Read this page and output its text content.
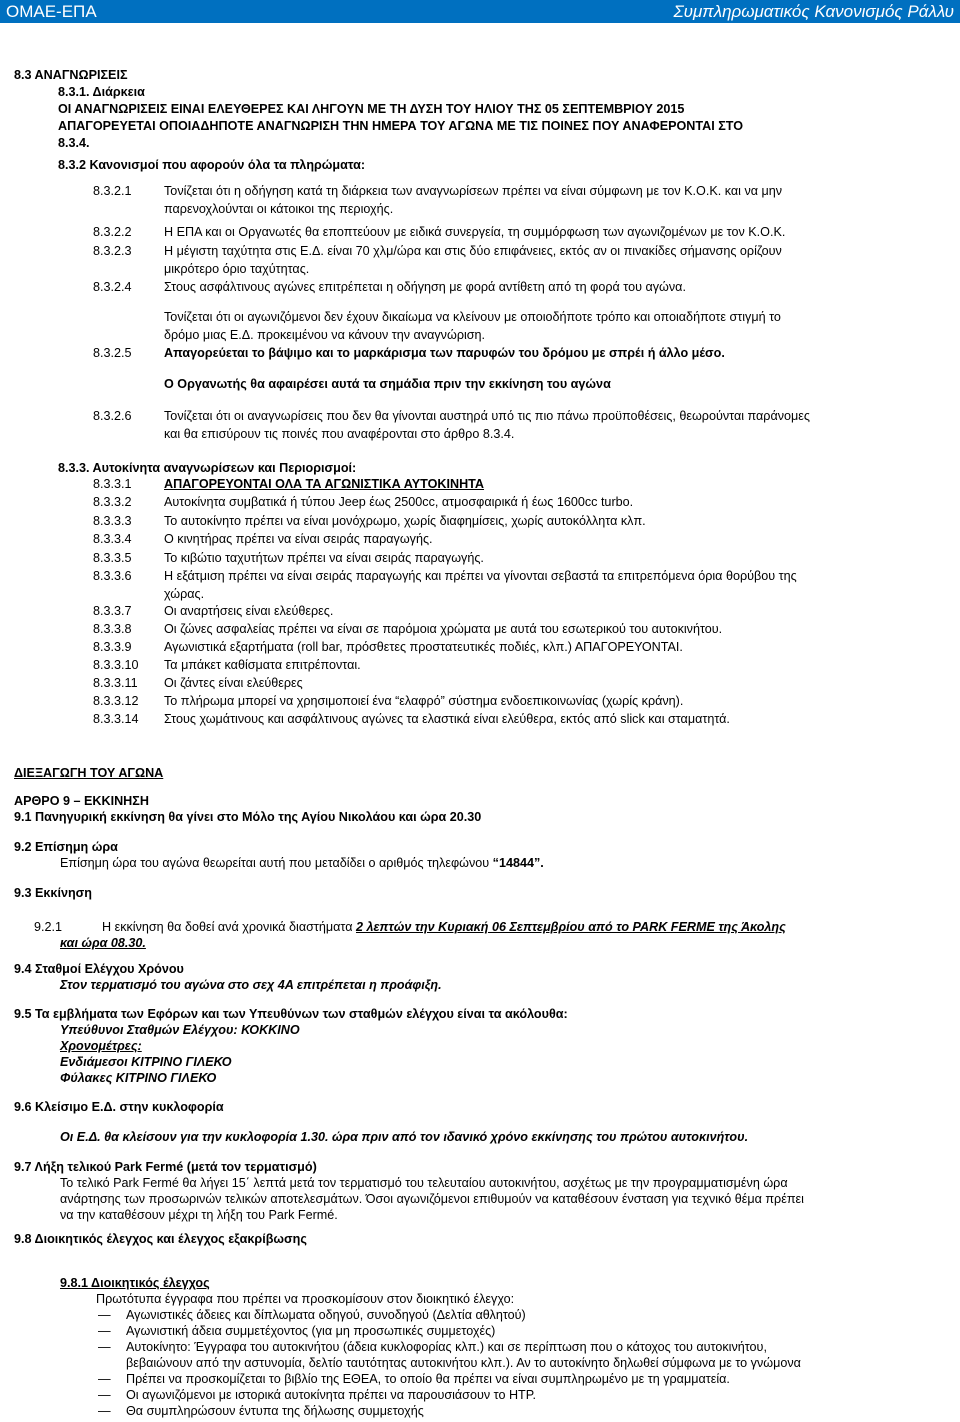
ΟΜΑΕ-ΕΠΑ	Συμπληρωματικός Κανονισμός Ράλλυ
8.3 ΑΝΑΓΝΩΡΙΣΕΙΣ
8.3.1. Διάρκεια
ΟΙ ΑΝΑΓΝΩΡΙΣΕΙΣ ΕΙΝΑΙ ΕΛΕΥΘΕΡΕΣ ΚΑΙ ΛΗΓΟΥΝ ΜΕ ΤΗ ΔΥΣΗ ΤΟΥ ΗΛΙΟΥ ΤΗΣ 05 ΣΕΠΤΕΜΒΡΙΟΥ 2015
ΑΠΑΓΟΡΕΥΕΤΑΙ ΟΠΟΙΑΔΗΠΟΤΕ ΑΝΑΓΝΩΡΙΣΗ ΤΗΝ ΗΜΕΡΑ ΤΟΥ ΑΓΩΝΑ ΜΕ ΤΙΣ ΠΟΙΝΕΣ ΠΟΥ ΑΝΑΦΕΡΟΝΤΑΙ ΣΤΟ
8.3.4.
8.3.2 Κανονισμοί που αφορούν όλα τα πληρώματα:
8.3.2.1	Τονίζεται ότι η οδήγηση κατά τη διάρκεια των αναγνωρίσεων πρέπει να είναι σύμφωνη με τον Κ.Ο.Κ. και να μην
παρενοχλούνται οι κάτοικοι της περιοχής.
8.3.2.2	Η ΕΠΑ και οι Οργανωτές θα εποπτεύουν με ειδικά συνεργεία, τη συμμόρφωση των αγωνιζομένων με τον Κ.Ο.Κ.
8.3.2.3	Η μέγιστη ταχύτητα στις Ε.Δ. είναι 70 χλμ/ώρα και στις δύο επιφάνειες, εκτός αν οι πινακίδες σήμανσης ορίζουν
μικρότερο όριο ταχύτητας.
8.3.2.4	Στους ασφάλτινους αγώνες επιτρέπεται η οδήγηση με φορά αντίθετη από τη φορά του αγώνα.
Τονίζεται ότι οι αγωνιζόμενοι δεν έχουν δικαίωμα να κλείνουν με οποιοδήποτε τρόπο και οποιαδήποτε στιγμή το
δρόμο μιας Ε.Δ. προκειμένου να κάνουν την αναγνώριση.
8.3.2.5	Απαγορεύεται το βάψιμο και το μαρκάρισμα των παρυφών του δρόμου με σπρέι ή άλλο μέσο.
Ο Οργανωτής θα αφαιρέσει αυτά τα σημάδια πριν την εκκίνηση του αγώνα
8.3.2.6	Τονίζεται ότι οι αναγνωρίσεις που δεν θα γίνονται αυστηρά υπό τις πιο πάνω προϋποθέσεις, θεωρούνται παράνομες
και θα επισύρουν τις ποινές που αναφέρονται στο άρθρο 8.3.4.
8.3.3. Αυτοκίνητα αναγνωρίσεων και Περιορισμοί:
8.3.3.1	ΑΠΑΓΟΡΕΥΟΝΤΑΙ ΟΛΑ ΤΑ ΑΓΩΝΙΣΤΙΚΑ ΑΥΤΟΚΙΝΗΤΑ
8.3.3.2	Αυτοκίνητα συμβατικά ή τύπου Jeep έως 2500cc, ατμοσφαιρικά ή έως 1600cc turbo.
8.3.3.3	Το αυτοκίνητο πρέπει να είναι μονόχρωμο, χωρίς διαφημίσεις, χωρίς αυτοκόλλητα κλπ.
8.3.3.4	Ο κινητήρας πρέπει να είναι σειράς παραγωγής.
8.3.3.5	Το κιβώτιο ταχυτήτων πρέπει να είναι σειράς παραγωγής.
8.3.3.6	Η εξάτμιση πρέπει να είναι σειράς παραγωγής και πρέπει να γίνονται σεβαστά τα επιτρεπόμενα όρια θορύβου της
χώρας.
8.3.3.7	Οι αναρτήσεις είναι ελεύθερες.
8.3.3.8	Οι ζώνες ασφαλείας πρέπει να είναι σε παρόμοια χρώματα με αυτά του εσωτερικού του αυτοκινήτου.
8.3.3.9	Αγωνιστικά εξαρτήματα (roll bar, πρόσθετες προστατευτικές ποδιές, κλπ.) ΑΠΑΓΟΡΕΥΟΝΤΑΙ.
8.3.3.10 Τα μπάκετ καθίσματα επιτρέπονται.
8.3.3.11 Οι ζάντες είναι ελεύθερες
8.3.3.12 Το πλήρωμα μπορεί να χρησιμοποιεί ένα “ελαφρό” σύστημα ενδοεπικοινωνίας (χωρίς κράνη).
8.3.3.14 Στους χωμάτινους και ασφάλτινους αγώνες τα ελαστικά είναι ελεύθερα, εκτός από slick και σταματητά.
ΔΙΕΞΑΓΩΓΗ ΤΟΥ ΑΓΩΝΑ
ΑΡΘΡΟ 9 – ΕΚΚΙΝΗΣΗ
9.1 Πανηγυρική εκκίνηση θα γίνει στο Μόλο της Αγίου Νικολάου και ώρα 20.30
9.2 Επίσημη ώρα
Επίσημη ώρα του αγώνα θεωρείται αυτή που μεταδίδει ο αριθμός τηλεφώνου “14844”.
9.3 Εκκίνηση
9.2.1	Η εκκίνηση θα δοθεί ανά χρονικά διαστήματα 2 λεπτών την Κυριακή 06 Σεπτεμβρίου από το PARK FERME της Άκολης
και ώρα 08.30.
9.4 Σταθμοί Ελέγχου Χρόνου
Στον τερματισμό του αγώνα στο σεχ 4Α επιτρέπεται η προάφιξη.
9.5 Τα εμβλήματα των Εφόρων και των Υπευθύνων των σταθμών ελέγχου είναι τα ακόλουθα:
Υπεύθυνοι Σταθμών Ελέγχου: ΚΟΚΚΙΝΟ
Χρονομέτρες:
Ενδιάμεσοι ΚΙΤΡΙΝΟ ΓΙΛΕΚΟ
Φύλακες ΚΙΤΡΙΝΟ ΓΙΛΕΚΟ
9.6 Κλείσιμο Ε.Δ. στην κυκλοφορία
Οι Ε.Δ. θα κλείσουν για την κυκλοφορία 1.30. ώρα πριν από τον ιδανικό χρόνο εκκίνησης του πρώτου αυτοκινήτου.
9.7 Λήξη τελικού Park Fermé (μετά τον τερματισμό)
Το τελικό Park Fermé θα λήγει 15΄ λεπτά μετά τον τερματισμό του τελευταίου αυτοκινήτου, ασχέτως με την προγραμματισμένη ώρα
ανάρτησης των προσωρινών τελικών αποτελεσμάτων. Όσοι αγωνιζόμενοι επιθυμούν να καταθέσουν ένσταση για τεχνικό θέμα πρέπει
να την καταθέσουν μέχρι τη λήξη του Park Fermé.
9.8 Διοικητικός έλεγχος και έλεγχος εξακρίβωσης
9.8.1 Διοικητικός έλεγχος
Πρωτότυπα έγγραφα που πρέπει να προσκομίσουν στον διοικητικό έλεγχο:
— Αγωνιστικές άδειες και δίπλωματα οδηγού, συνοδηγού (Δελτία αθλητού)
— Αγωνιστική άδεια συμμετέχοντος (για μη προσωπικές συμμετοχές)
— Αυτοκίνητο: Έγγραφα του αυτοκινήτου (άδεια κυκλοφορίας κλπ.) και σε περίπτωση που ο κάτοχος του αυτοκινήτου,
βεβαιώνουν από την αστυνομία, δελτίο ταυτότητας αυτοκινήτου κλπ.). Αν το αυτοκίνητο δηλωθεί σύμφωνα με το γνώμονα
— Πρέπει να προσκομίζεται το βιβλίο της ΕΘΕΑ, το οποίο θα πρέπει να είναι συμπληρωμένο με τη γραμματεία.
— Οι αγωνιζόμενοι με ιστορικά αυτοκίνητα πρέπει να παρουσιάσουν το HTP.
— Θα συμπληρώσουν έντυπα της δήλωσης συμμετοχής
